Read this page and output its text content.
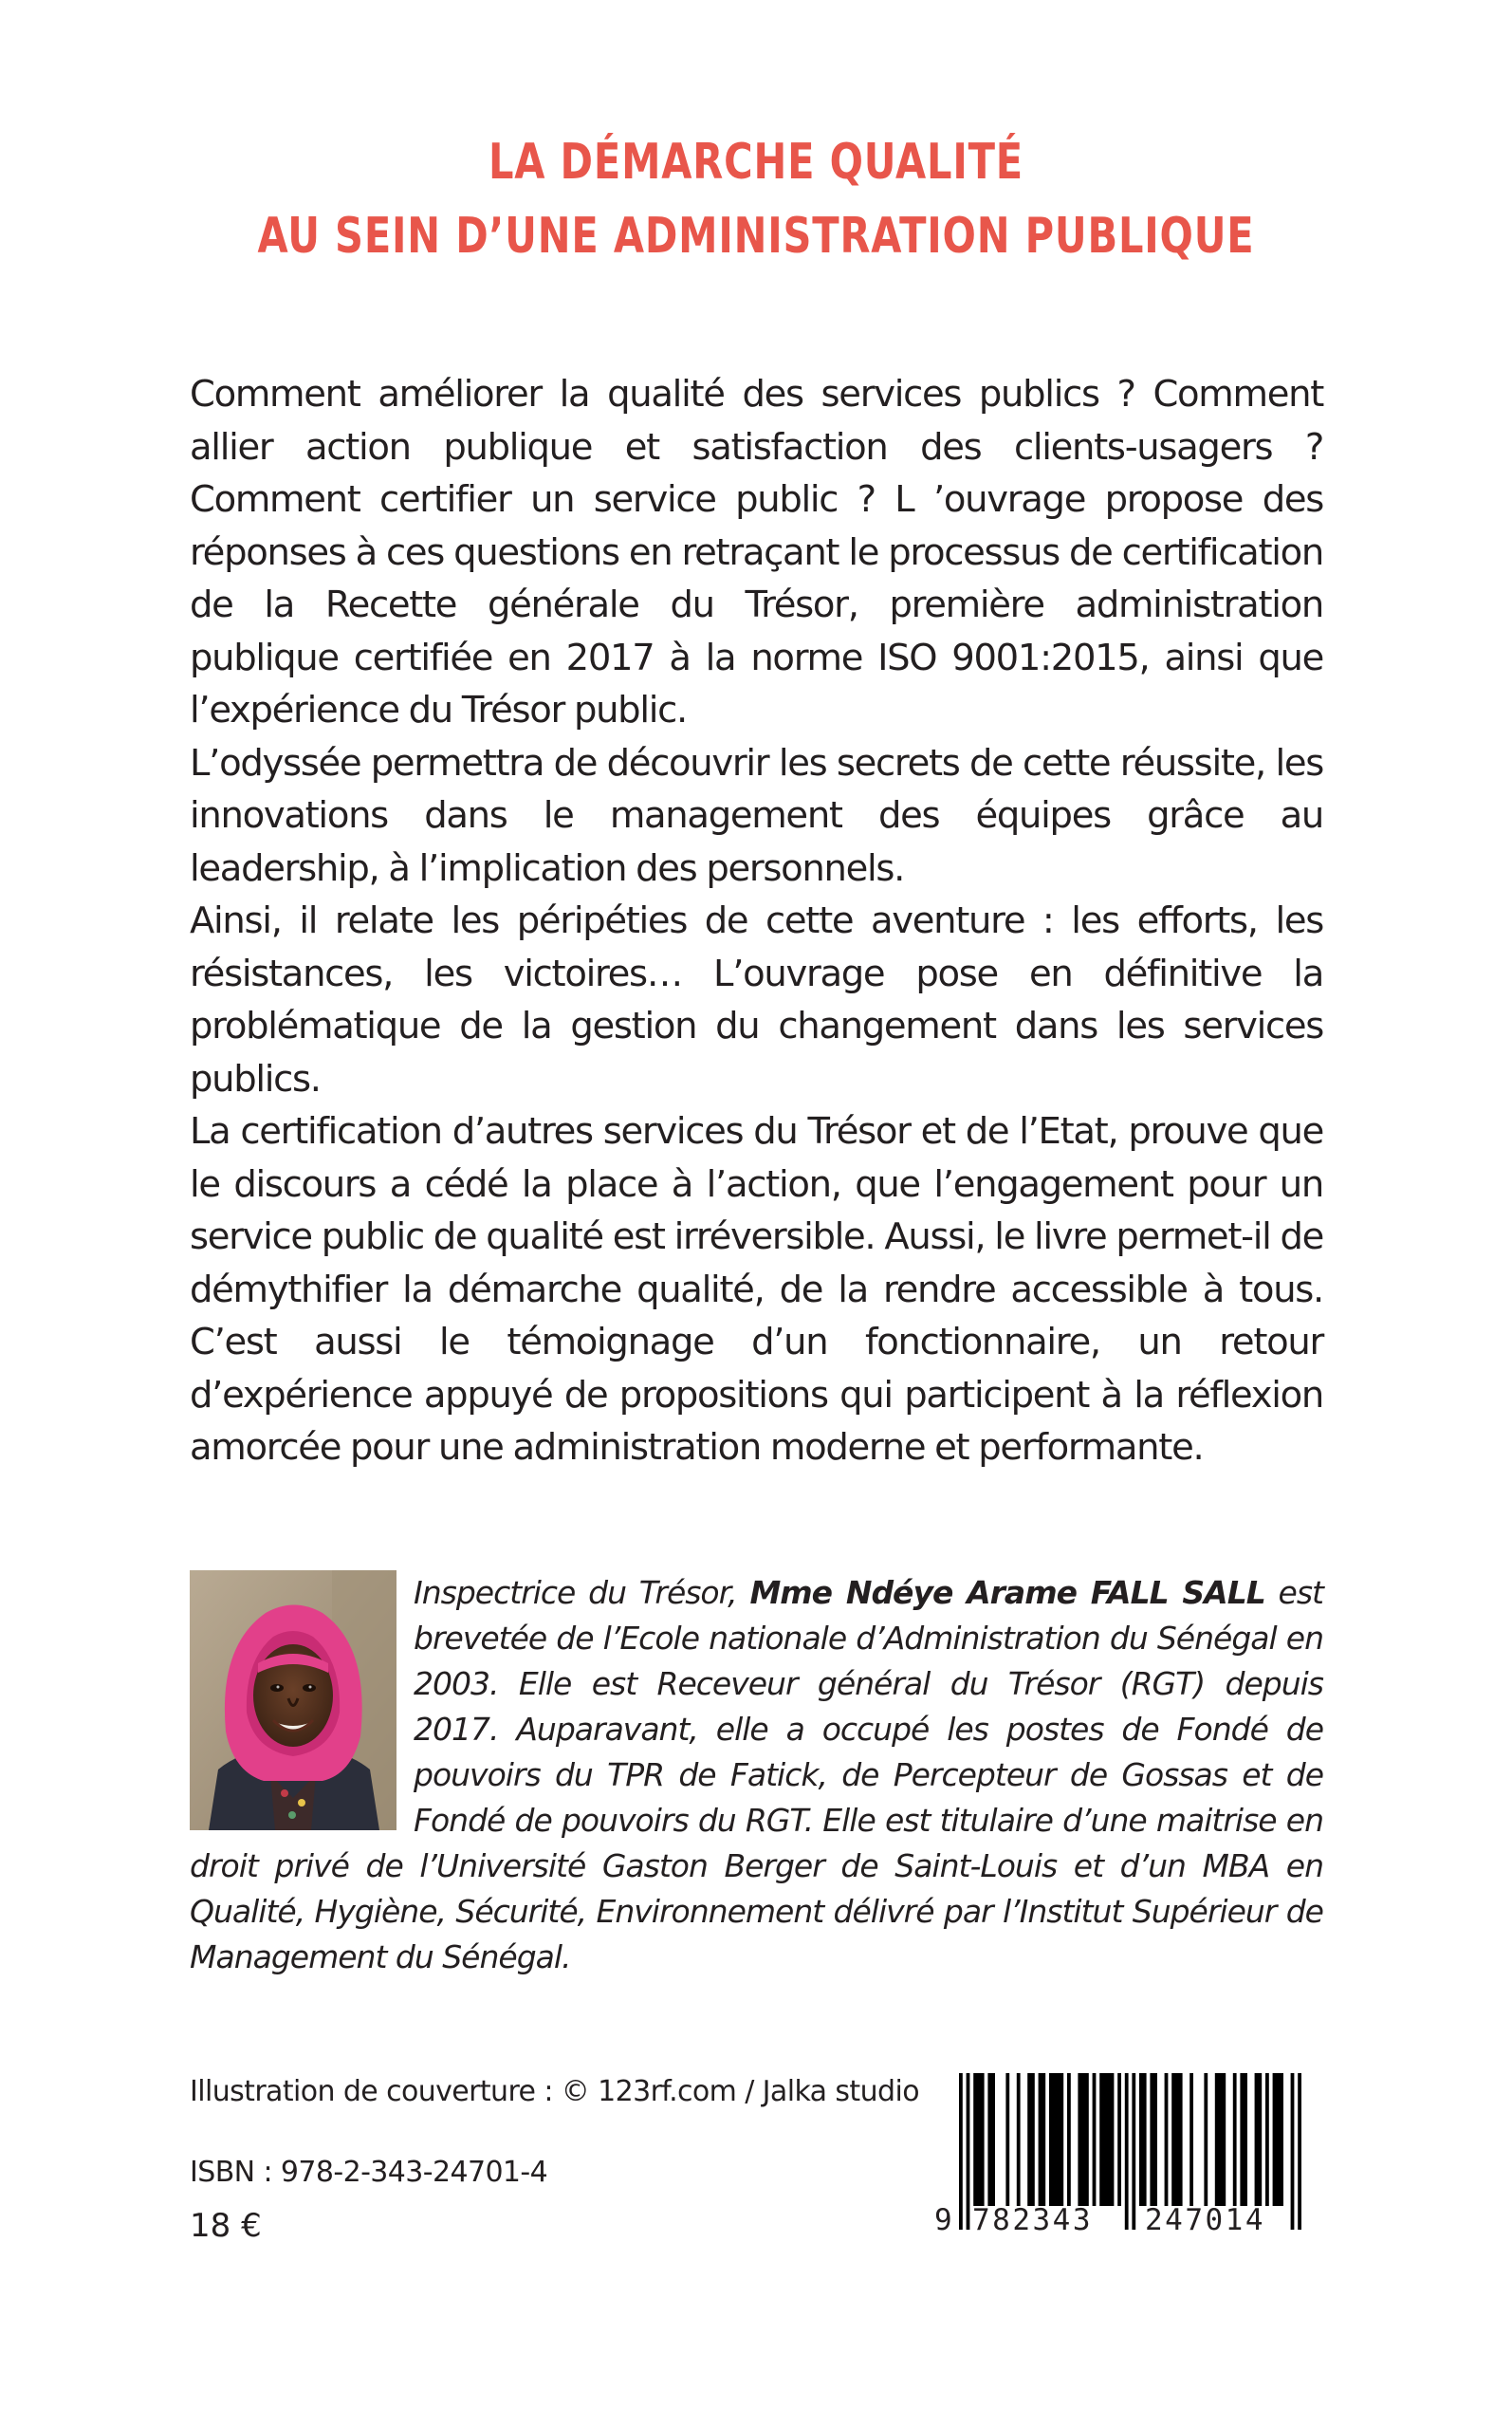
LA DÉMARCHE QUALITÉ
AU SEIN D’UNE ADMINISTRATION PUBLIQUE

Comment améliorer la qualité des services publics ? Comment allier action publique et satisfaction des clients-usagers ? Comment certifier un service public ? L ’ouvrage propose des réponses à ces questions en retraçant le processus de certification de la Recette générale du Trésor, première administration publique certifiée en 2017 à la norme ISO 9001:2015, ainsi que l’expérience du Trésor public.

L’odyssée permettra de découvrir les secrets de cette réussite, les innovations dans le management des équipes grâce au leadership, à l’implication des personnels.

Ainsi, il relate les péripéties de cette aventure : les efforts, les résistances, les victoires… L’ouvrage pose en définitive la problématique de la gestion du changement dans les services publics.

La certification d’autres services du Trésor et de l’Etat, prouve que le discours a cédé la place à l’action, que l’engagement pour un service public de qualité est irréversible. Aussi, le livre permet-il de démythifier la démarche qualité, de la rendre accessible à tous. C’est aussi le témoignage d’un fonctionnaire, un retour d’expérience appuyé de propositions qui participent à la réflexion amorcée pour une administration moderne et performante.

Inspectrice du Trésor, Mme Ndéye Arame FALL SALL est brevetée de l’Ecole nationale d’Administration du Sénégal en 2003. Elle est Receveur général du Trésor (RGT) depuis 2017. Auparavant, elle a occupé les postes de Fondé de pouvoirs du TPR de Fatick, de Percepteur de Gossas et de Fondé de pouvoirs du RGT. Elle est titulaire d’une maitrise en droit privé de l’Université Gaston Berger de Saint-Louis et d’un MBA en Qualité, Hygiène, Sécurité, Environnement délivré par l’Institut Supérieur de Management du Sénégal.

Illustration de couverture : © 123rf.com / Jalka studio
ISBN : 978-2-343-24701-4
18 €	9 782343 247014
